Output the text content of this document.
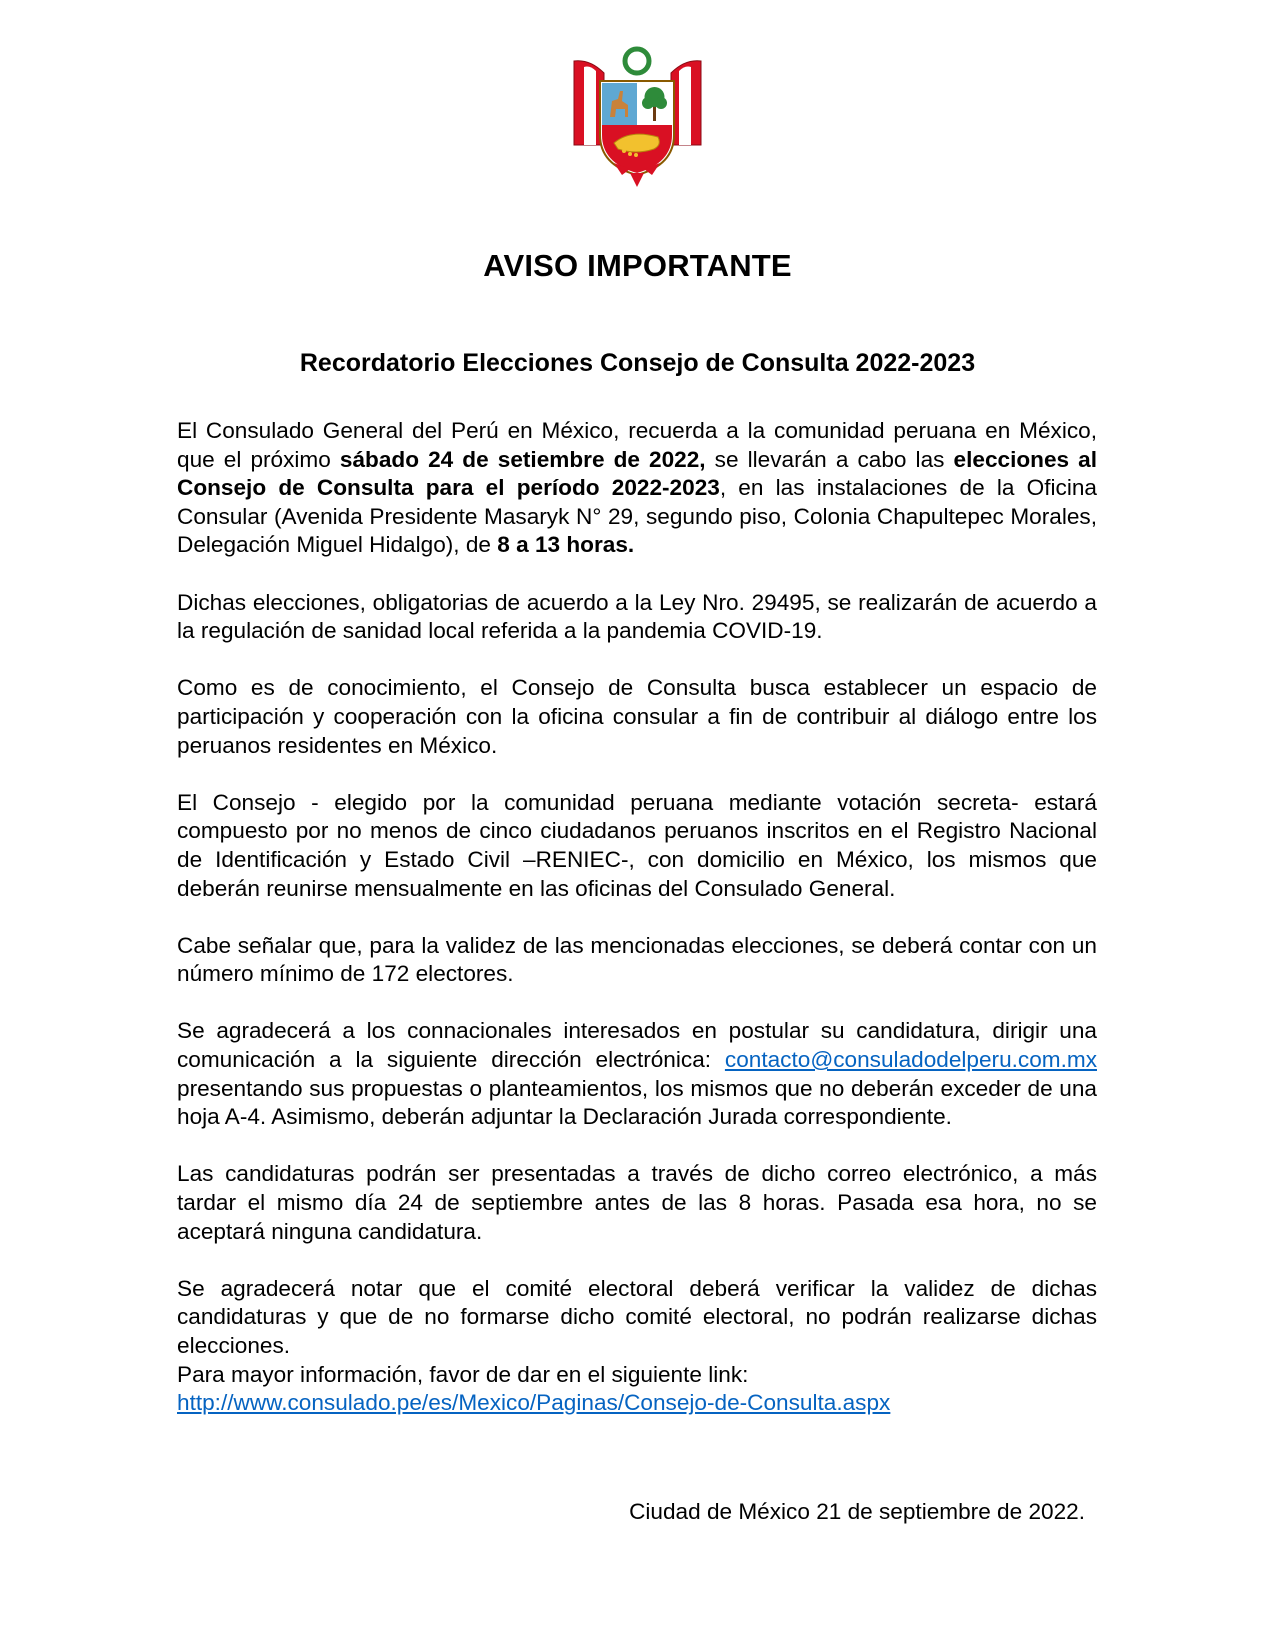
AVISO IMPORTANTE
Recordatorio Elecciones Consejo de Consulta 2022-2023

El Consulado General del Perú en México, recuerda a la comunidad peruana en México, que el próximo sábado 24 de setiembre de 2022, se llevarán a cabo las elecciones al Consejo de Consulta para el período 2022-2023, en las instalaciones de la Oficina Consular (Avenida Presidente Masaryk N° 29, segundo piso, Colonia Chapultepec Morales, Delegación Miguel Hidalgo), de 8 a 13 horas.

Dichas elecciones, obligatorias de acuerdo a la Ley Nro. 29495, se realizarán de acuerdo a la regulación de sanidad local referida a la pandemia COVID-19.

Como es de conocimiento, el Consejo de Consulta busca establecer un espacio de participación y cooperación con la oficina consular a fin de contribuir al diálogo entre los peruanos residentes en México.

El Consejo - elegido por la comunidad peruana mediante votación secreta- estará compuesto por no menos de cinco ciudadanos peruanos inscritos en el Registro Nacional de Identificación y Estado Civil –RENIEC-, con domicilio en México, los mismos que deberán reunirse mensualmente en las oficinas del Consulado General.

Cabe señalar que, para la validez de las mencionadas elecciones, se deberá contar con un número mínimo de 172 electores.

Se agradecerá a los connacionales interesados en postular su candidatura, dirigir una comunicación a la siguiente dirección electrónica: contacto@consuladodelperu.com.mx presentando sus propuestas o planteamientos, los mismos que no deberán exceder de una hoja A-4. Asimismo, deberán adjuntar la Declaración Jurada correspondiente.

Las candidaturas podrán ser presentadas a través de dicho correo electrónico, a más tardar el mismo día 24 de septiembre antes de las 8 horas. Pasada esa hora, no se aceptará ninguna candidatura.

Se agradecerá notar que el comité electoral deberá verificar la validez de dichas candidaturas y que de no formarse dicho comité electoral, no podrán realizarse dichas elecciones.

Para mayor información, favor de dar en el siguiente link:
http://www.consulado.pe/es/Mexico/Paginas/Consejo-de-Consulta.aspx

Ciudad de México 21 de septiembre de 2022.
